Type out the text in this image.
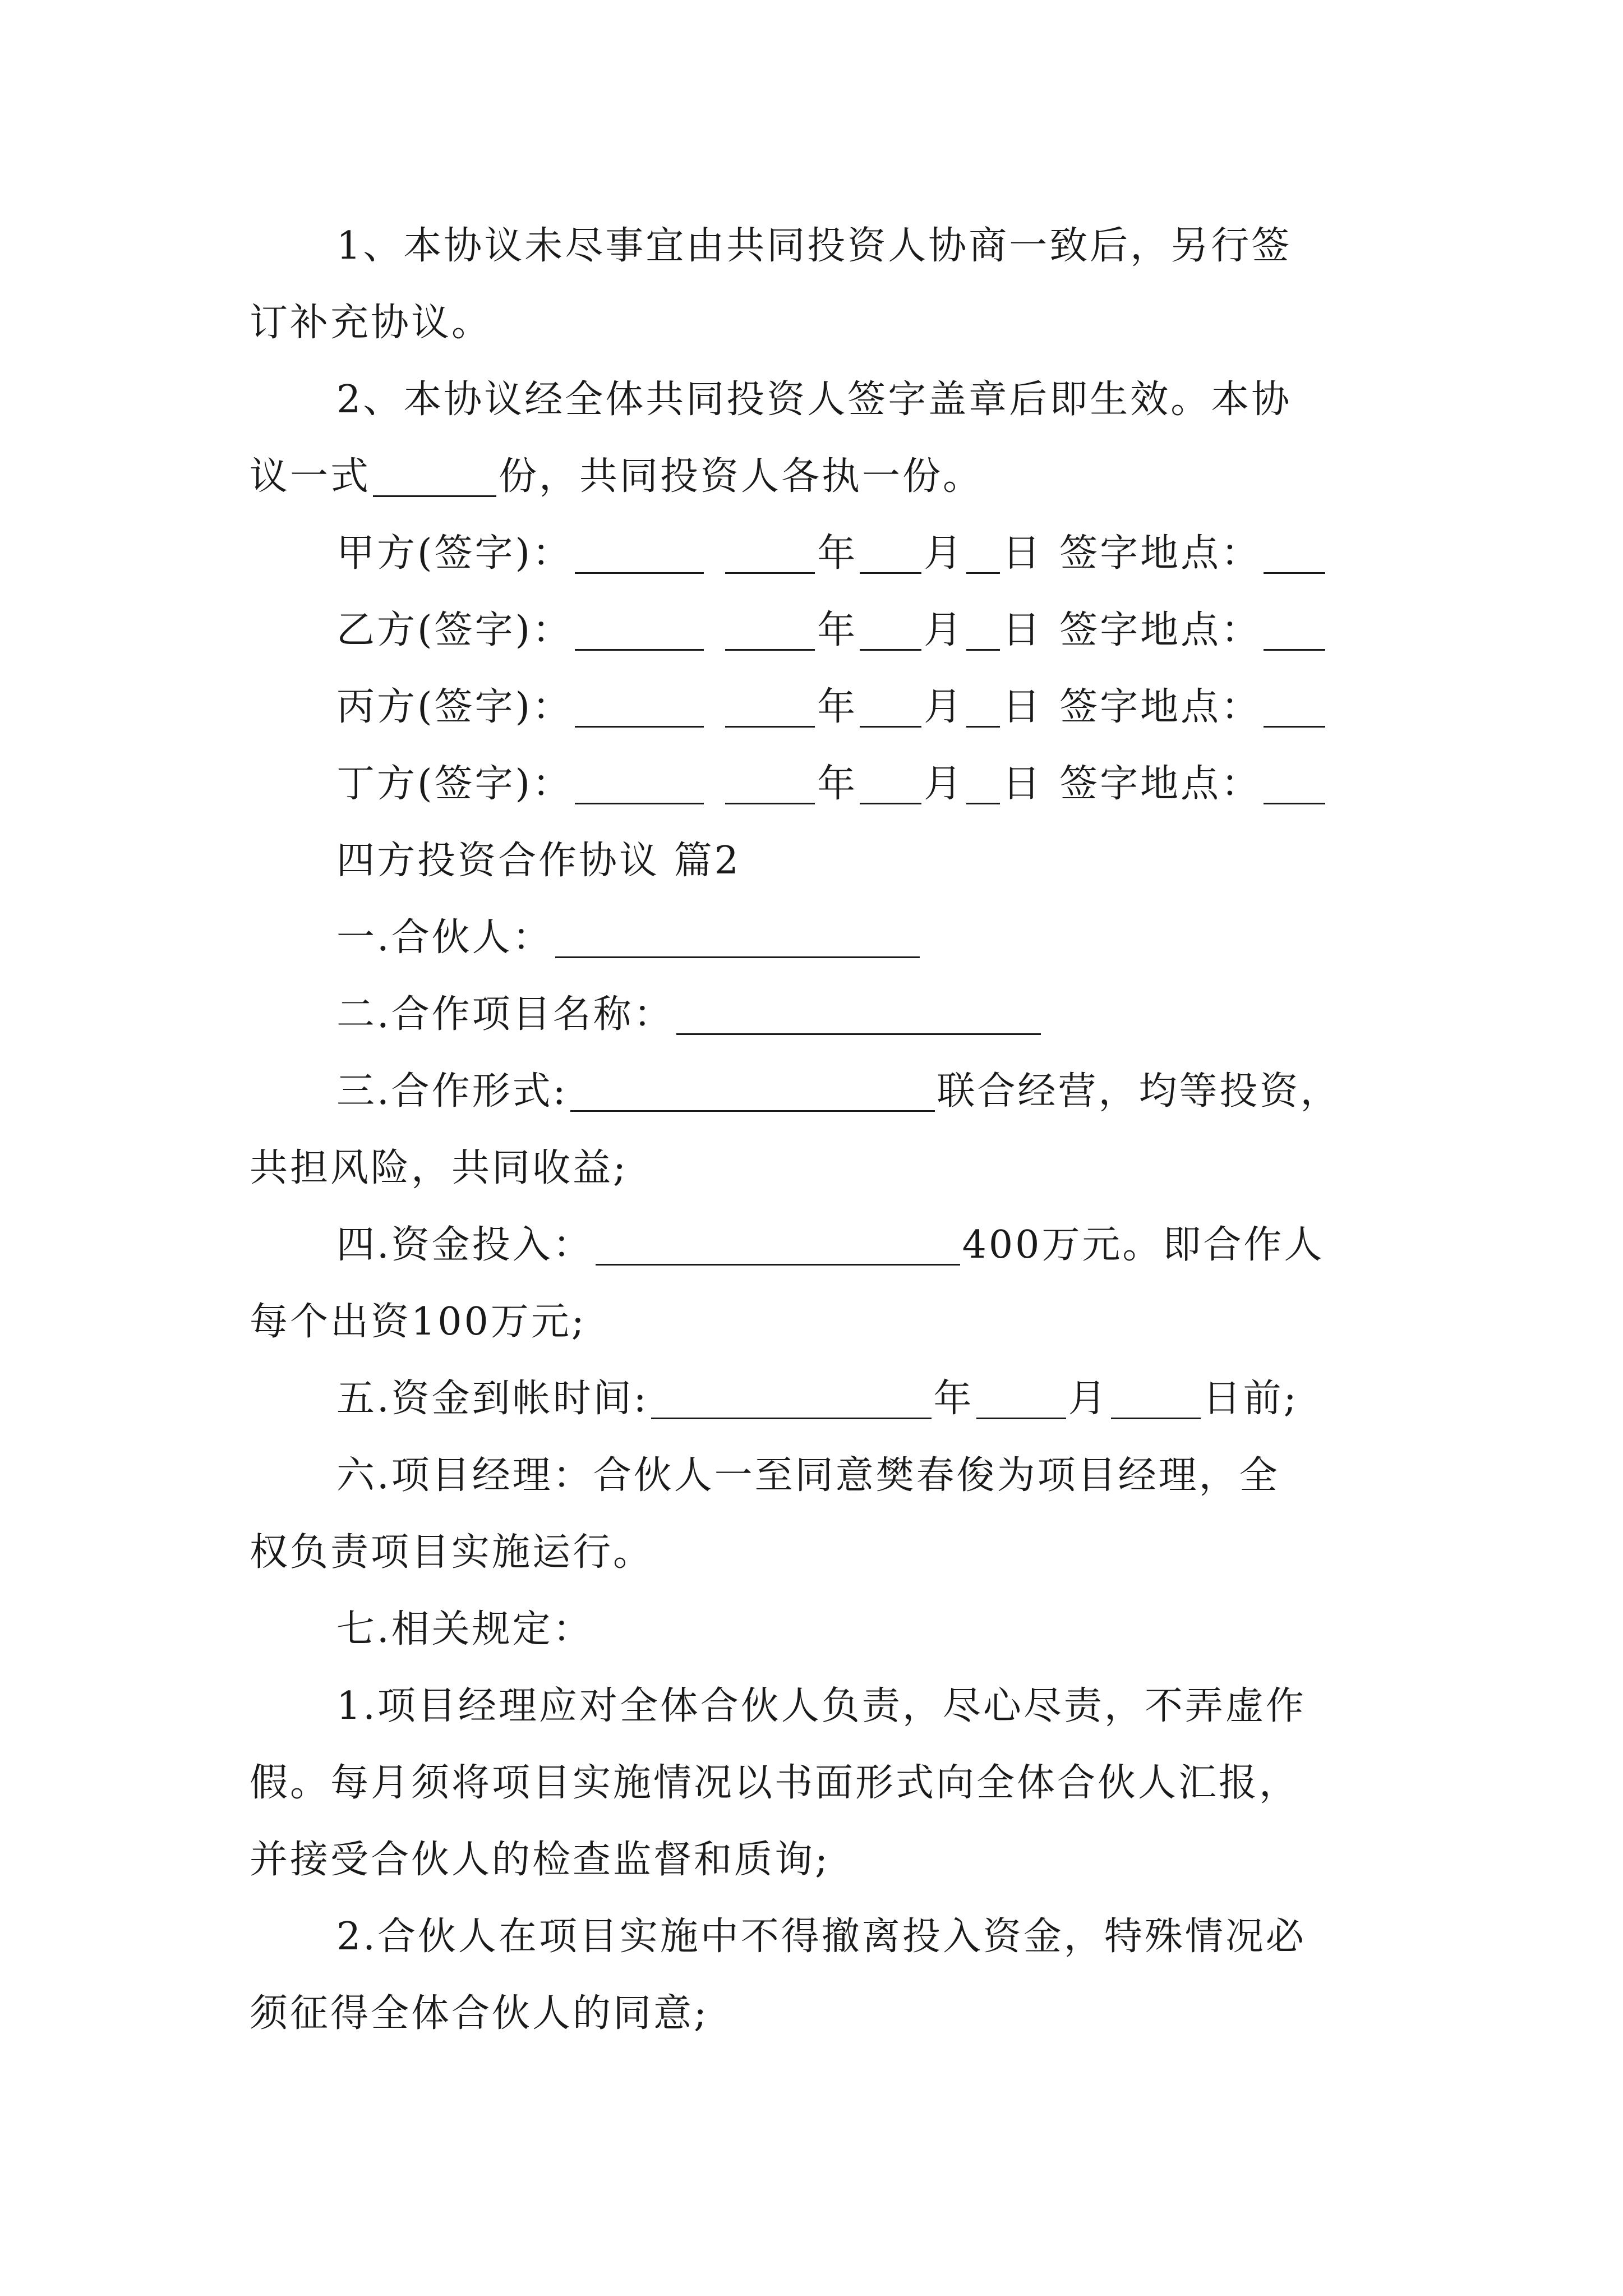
1、本协议未尽事宜由共同投资人协商一致后，另行签
订补充协议。
2、本协议经全体共同投资人签字盖章后即生效。本协
议一式	份，共同投资人各执一份。
甲方(签字)：	年 月 日 签字地点：
乙方(签字)：	年 月 日 签字地点：
丙方(签字)：	年 月 日 签字地点：
丁方(签字)：	年 月 日 签字地点：
四方投资合作协议 篇2
一.合伙人：
二.合作项目名称：
三.合作形式:	联合经营，均等投资，
共担风险，共同收益;
四.资金投入：	400万元。即合作人
每个出资100万元;
五.资金到帐时间:	年 月 日前;
六.项目经理：合伙人一至同意樊春俊为项目经理，全
权负责项目实施运行。
七.相关规定：
1.项目经理应对全体合伙人负责，尽心尽责，不弄虚作
假。每月须将项目实施情况以书面形式向全体合伙人汇报，
并接受合伙人的检查监督和质询;
2.合伙人在项目实施中不得撤离投入资金，特殊情况必
须征得全体合伙人的同意;
